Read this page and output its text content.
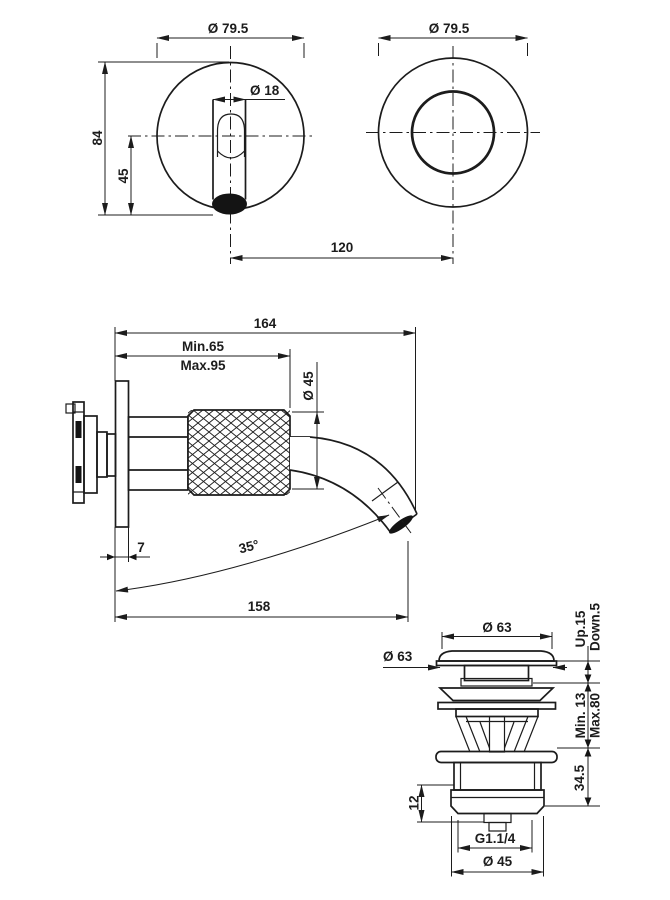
Ø 79.5
Ø 18
84
45
Ø 79.5
120
164
Min.65
Max.95
Ø 45
7	35°
158
Ø 63
Ø 63
Up.15 Down.5
Min. 13 Max.80
34.5
12
G1.1/4
Ø 45
